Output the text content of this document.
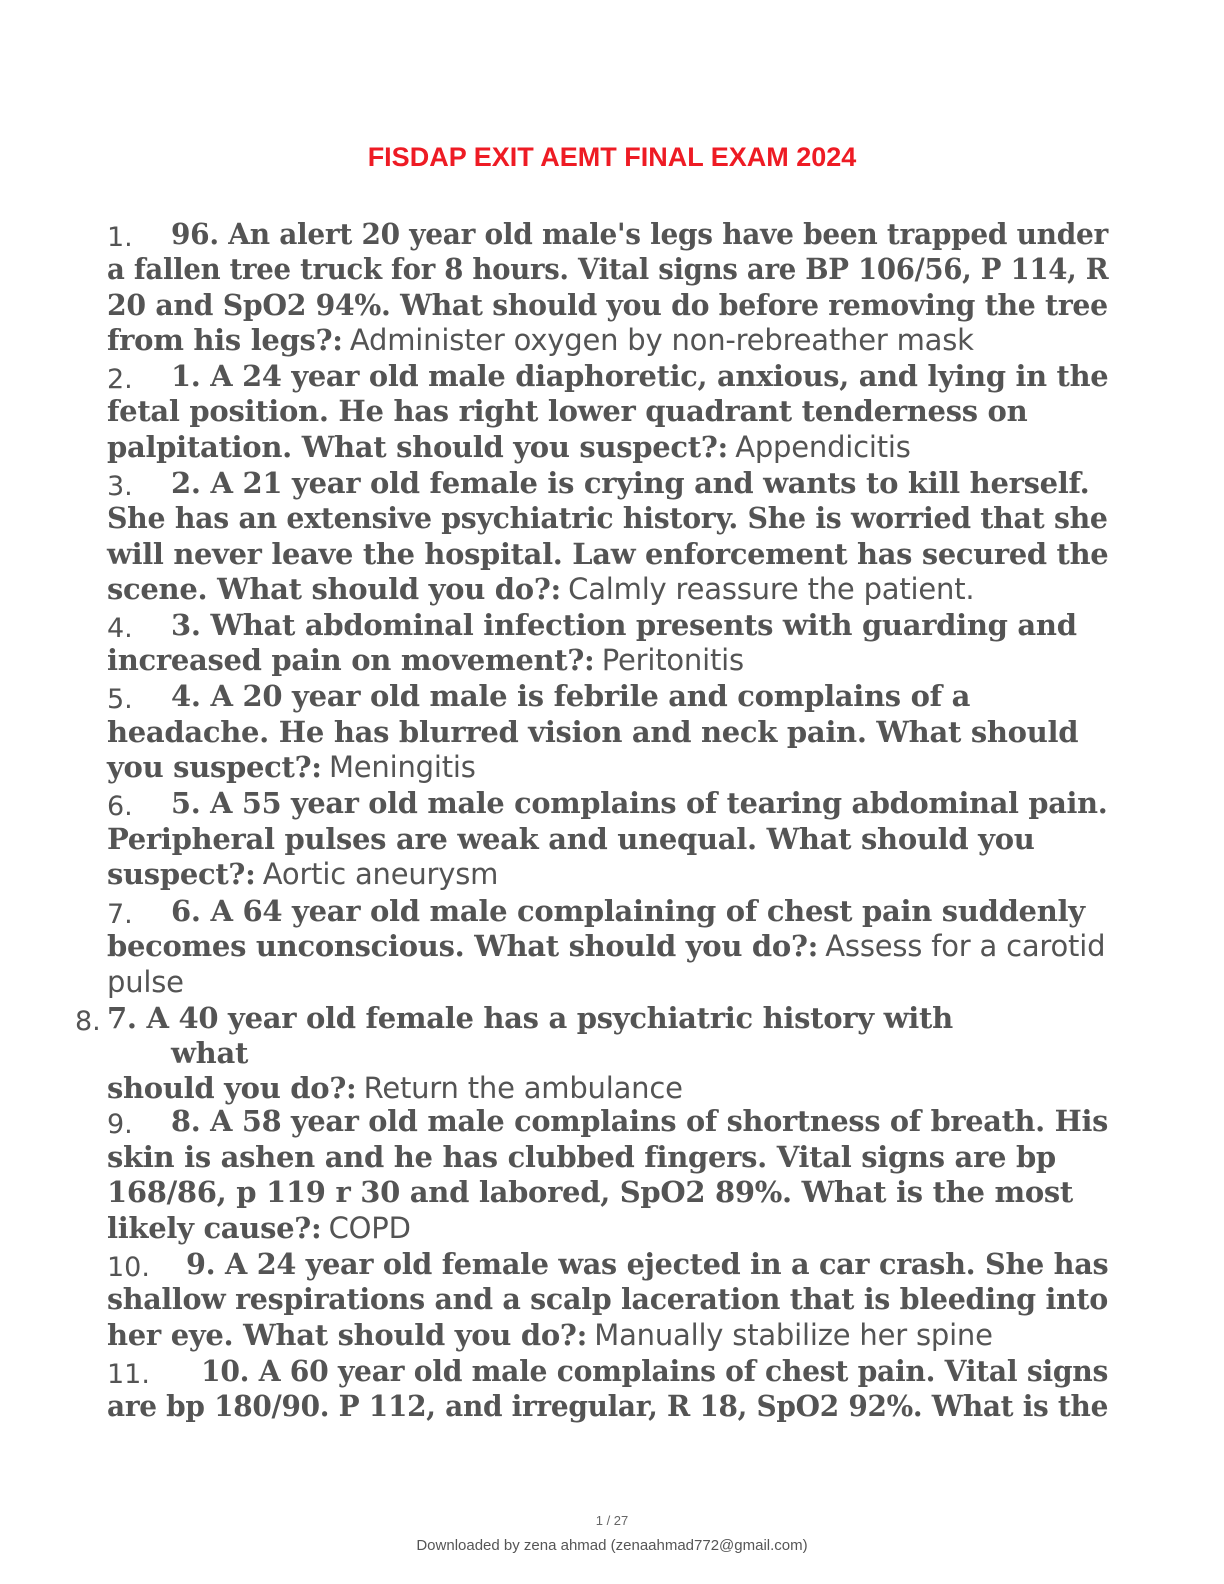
FISDAP EXIT AEMT FINAL EXAM 2024
1. 96. An alert 20 year old male's legs have been trapped under
a fallen tree truck for 8 hours. Vital signs are BP 106/56, P 114, R
20 and SpO2 94%. What should you do before removing the tree
from his legs?: Administer oxygen by non-rebreather mask
2. 1. A 24 year old male diaphoretic, anxious, and lying in the
fetal position. He has right lower quadrant tenderness on
palpitation. What should you suspect?: Appendicitis
3. 2. A 21 year old female is crying and wants to kill herself.
She has an extensive psychiatric history. She is worried that she
will never leave the hospital. Law enforcement has secured the
scene. What should you do?: Calmly reassure the patient.
4. 3. What abdominal infection presents with guarding and
increased pain on movement?: Peritonitis
5. 4. A 20 year old male is febrile and complains of a
headache. He has blurred vision and neck pain. What should
you suspect?: Meningitis
6. 5. A 55 year old male complains of tearing abdominal pain.
Peripheral pulses are weak and unequal. What should you
suspect?: Aortic aneurysm
7. 6. A 64 year old male complaining of chest pain suddenly
becomes unconscious. What should you do?: Assess for a carotid
pulse
8. 7. A 40 year old female has a psychiatric history with
what
should you do?: Return the ambulance
9. 8. A 58 year old male complains of shortness of breath. His
skin is ashen and he has clubbed fingers. Vital signs are bp
168/86, p 119 r 30 and labored, SpO2 89%. What is the most
likely cause?: COPD
10. 9. A 24 year old female was ejected in a car crash. She has
shallow respirations and a scalp laceration that is bleeding into
her eye. What should you do?: Manually stabilize her spine
11. 10. A 60 year old male complains of chest pain. Vital signs
are bp 180/90. P 112, and irregular, R 18, SpO2 92%. What is the
1 / 27
Downloaded by zena ahmad (zenaahmad772@gmail.com)
